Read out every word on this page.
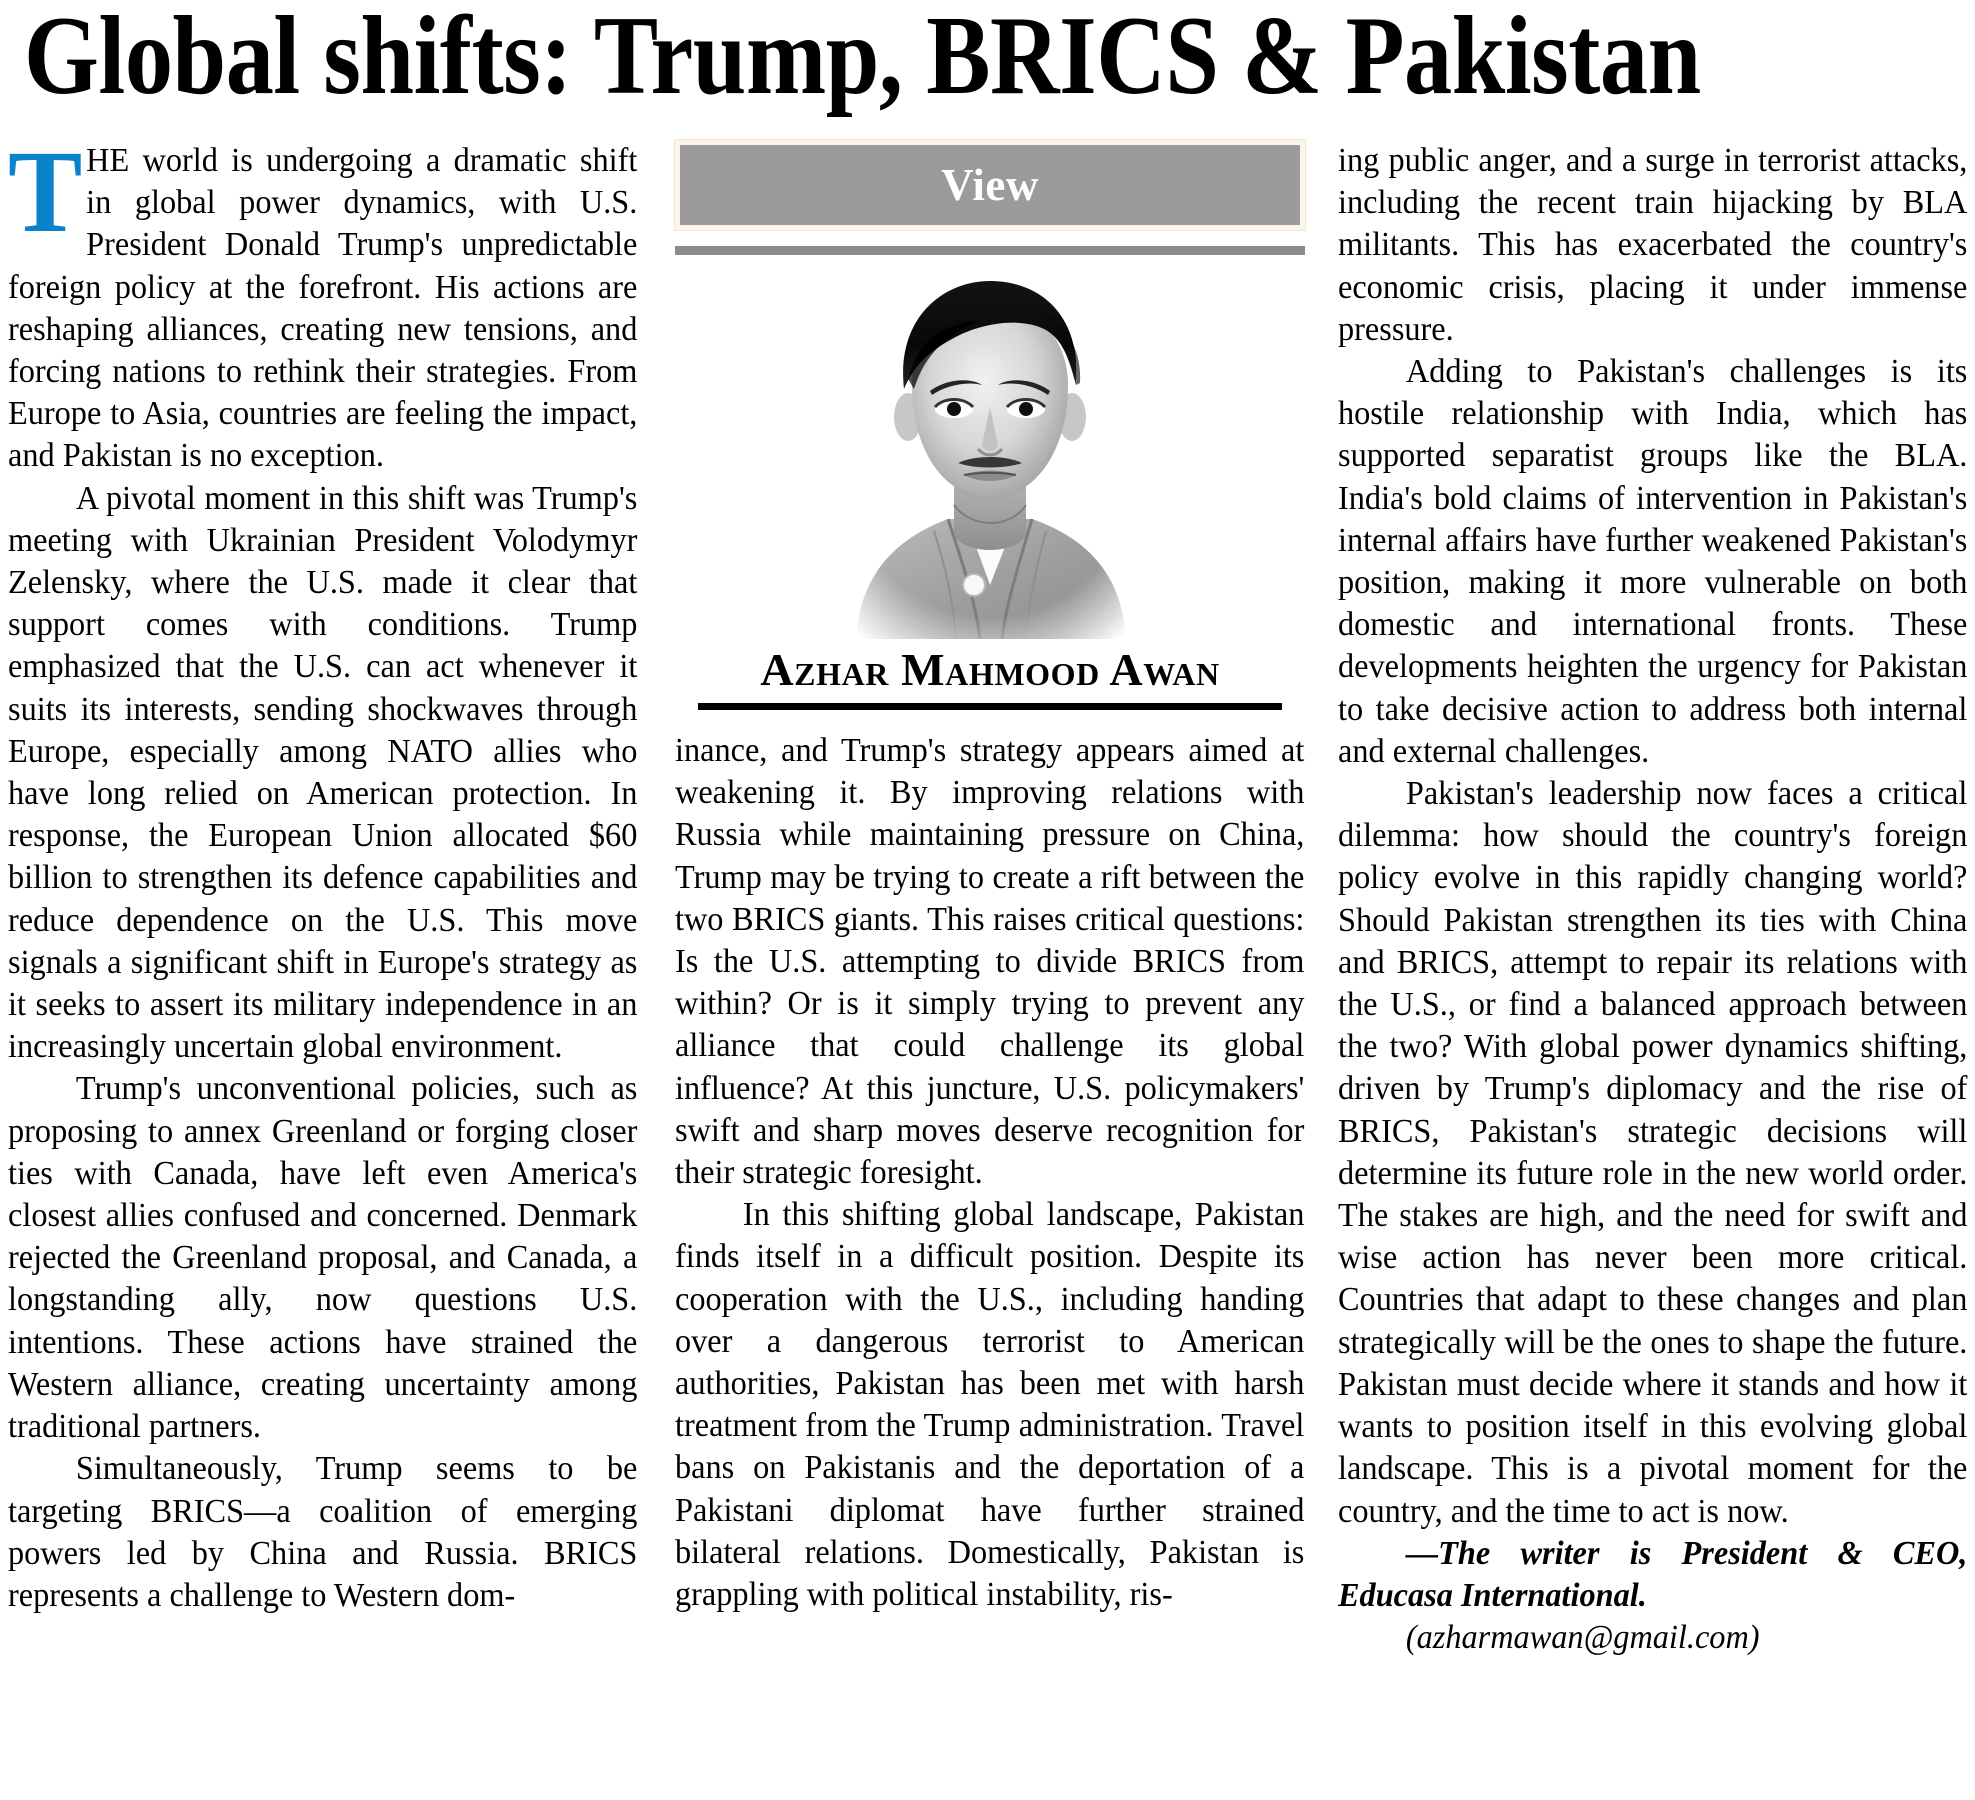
Global shifts: Trump, BRICS & Pakistan

THE world is undergoing a dramatic shift in global power dynamics, with U.S. President Donald Trump's unpredictable foreign policy at the forefront. His actions are reshaping alliances, creating new tensions, and forcing nations to rethink their strategies. From Europe to Asia, countries are feeling the impact, and Pakistan is no exception.

A pivotal moment in this shift was Trump's meeting with Ukrainian President Volodymyr Zelensky, where the U.S. made it clear that support comes with conditions. Trump emphasized that the U.S. can act whenever it suits its interests, sending shockwaves through Europe, especially among NATO allies who have long relied on American protection. In response, the European Union allocated $60 billion to strengthen its defence capabilities and reduce dependence on the U.S. This move signals a significant shift in Europe's strategy as it seeks to assert its military independence in an increasingly uncertain global environment.

Trump's unconventional policies, such as proposing to annex Greenland or forging closer ties with Canada, have left even America's closest allies confused and concerned. Denmark rejected the Greenland proposal, and Canada, a longstanding ally, now questions U.S. intentions. These actions have strained the Western alliance, creating uncertainty among traditional partners.

Simultaneously, Trump seems to be targeting BRICS—a coalition of emerging powers led by China and Russia. BRICS represents a challenge to Western dom-

View
Azhar Mahmood Awan

inance, and Trump's strategy appears aimed at weakening it. By improving relations with Russia while maintaining pressure on China, Trump may be trying to create a rift between the two BRICS giants. This raises critical questions: Is the U.S. attempting to divide BRICS from within? Or is it simply trying to prevent any alliance that could challenge its global influence? At this juncture, U.S. policymakers' swift and sharp moves deserve recognition for their strategic foresight.

In this shifting global landscape, Pakistan finds itself in a difficult position. Despite its cooperation with the U.S., including handing over a dangerous terrorist to American authorities, Pakistan has been met with harsh treatment from the Trump administration. Travel bans on Pakistanis and the deportation of a Pakistani diplomat have further strained bilateral relations. Domestically, Pakistan is grappling with political instability, ris-

ing public anger, and a surge in terrorist attacks, including the recent train hijacking by BLA militants. This has exacerbated the country's economic crisis, placing it under immense pressure.

Adding to Pakistan's challenges is its hostile relationship with India, which has supported separatist groups like the BLA. India's bold claims of intervention in Pakistan's internal affairs have further weakened Pakistan's position, making it more vulnerable on both domestic and international fronts. These developments heighten the urgency for Pakistan to take decisive action to address both internal and external challenges.

Pakistan's leadership now faces a critical dilemma: how should the country's foreign policy evolve in this rapidly changing world? Should Pakistan strengthen its ties with China and BRICS, attempt to repair its relations with the U.S., or find a balanced approach between the two? With global power dynamics shifting, driven by Trump's diplomacy and the rise of BRICS, Pakistan's strategic decisions will determine its future role in the new world order. The stakes are high, and the need for swift and wise action has never been more critical. Countries that adapt to these changes and plan strategically will be the ones to shape the future. Pakistan must decide where it stands and how it wants to position itself in this evolving global landscape. This is a pivotal moment for the country, and the time to act is now.

—The writer is President & CEO, Educasa International.

(azharmawan@gmail.com)
